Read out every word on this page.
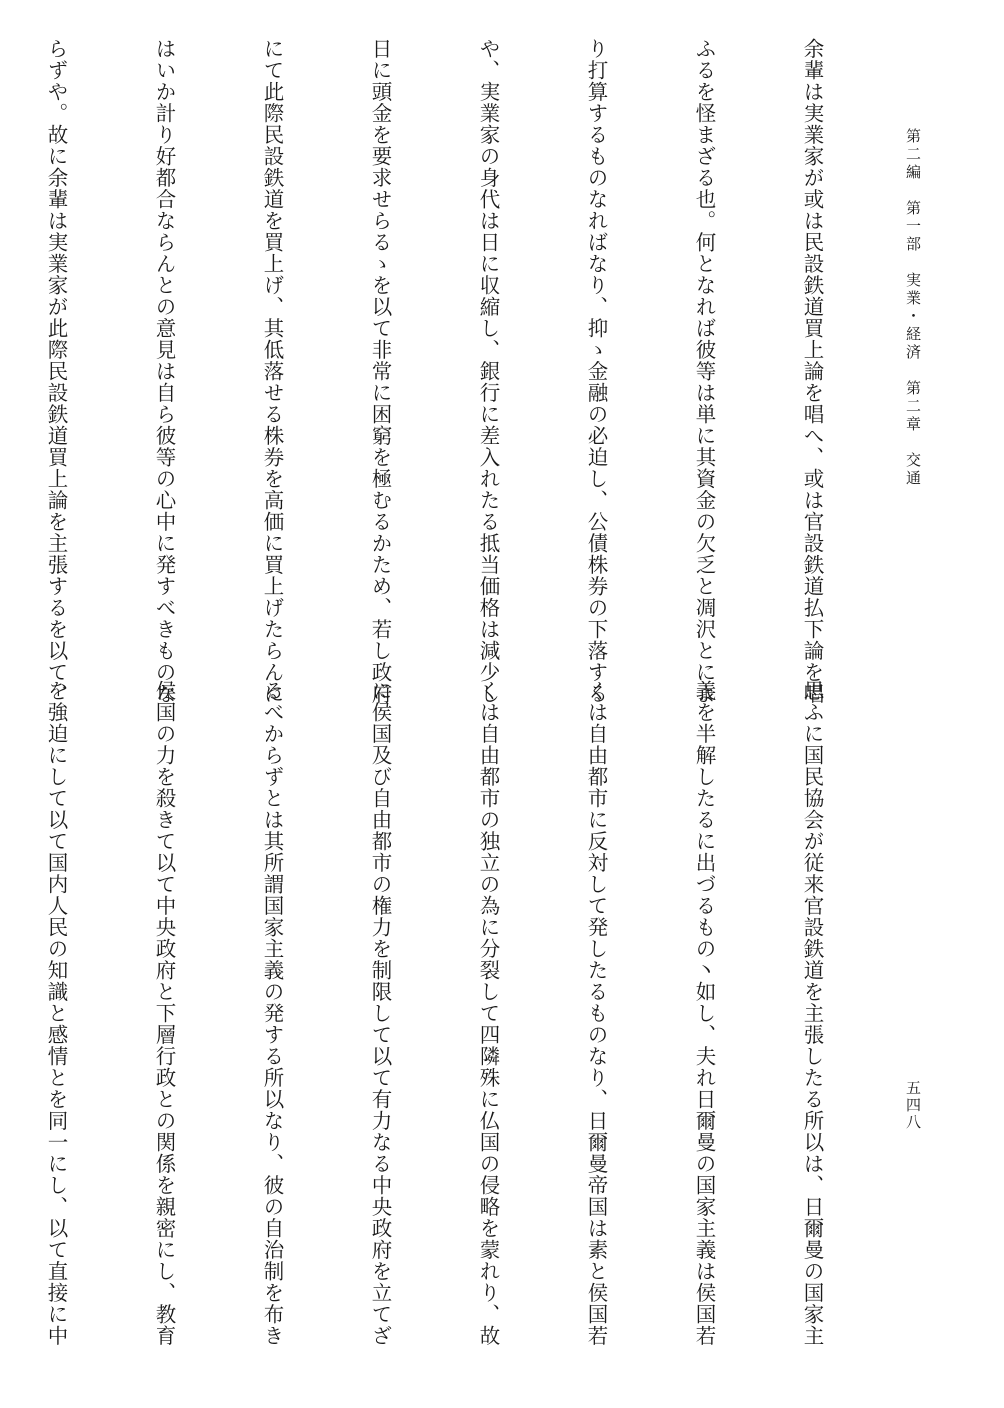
第二編　第一部　実業・経済　第二章　交通

五四八

余輩は実業家が或は民設鉄道買上論を唱へ、或は官設鉄道払下論を唱

ふるを怪まざる也。何となれば彼等は単に其資金の欠乏と凋沢とによ

り打算するものなればなり、抑ゝ金融の必迫し、公債株券の下落する

や、実業家の身代は日に収縮し、銀行に差入れたる抵当価格は減少し

日に頭金を要求せらるゝを以て非常に困窮を極むるかため、若し政府

にて此際民設鉄道を買上げ、其低落せる株券を高価に買上げたらんに

はいか計り好都合ならんとの意見は自ら彼等の心中に発すべきものな

らずや。故に余輩は実業家が此際民設鉄道買上論を主張するを以て、

思ふに国民協会が従来官設鉄道を主張したる所以は、日爾曼の国家主

義を半解したるに出づるもの丶如し、夫れ日爾曼の国家主義は侯国若

くは自由都市に反対して発したるものなり、日爾曼帝国は素と侯国若

くは自由都市の独立の為に分裂して四隣殊に仏国の侵略を蒙れり、故

に侯国及び自由都市の権力を制限して以て有力なる中央政府を立てざ

るべからずとは其所謂国家主義の発する所以なり、彼の自治制を布き

侯国の力を殺きて以て中央政府と下層行政との関係を親密にし、教育

を強迫にして以て国内人民の知識と感情とを同一にし、以て直接に中
